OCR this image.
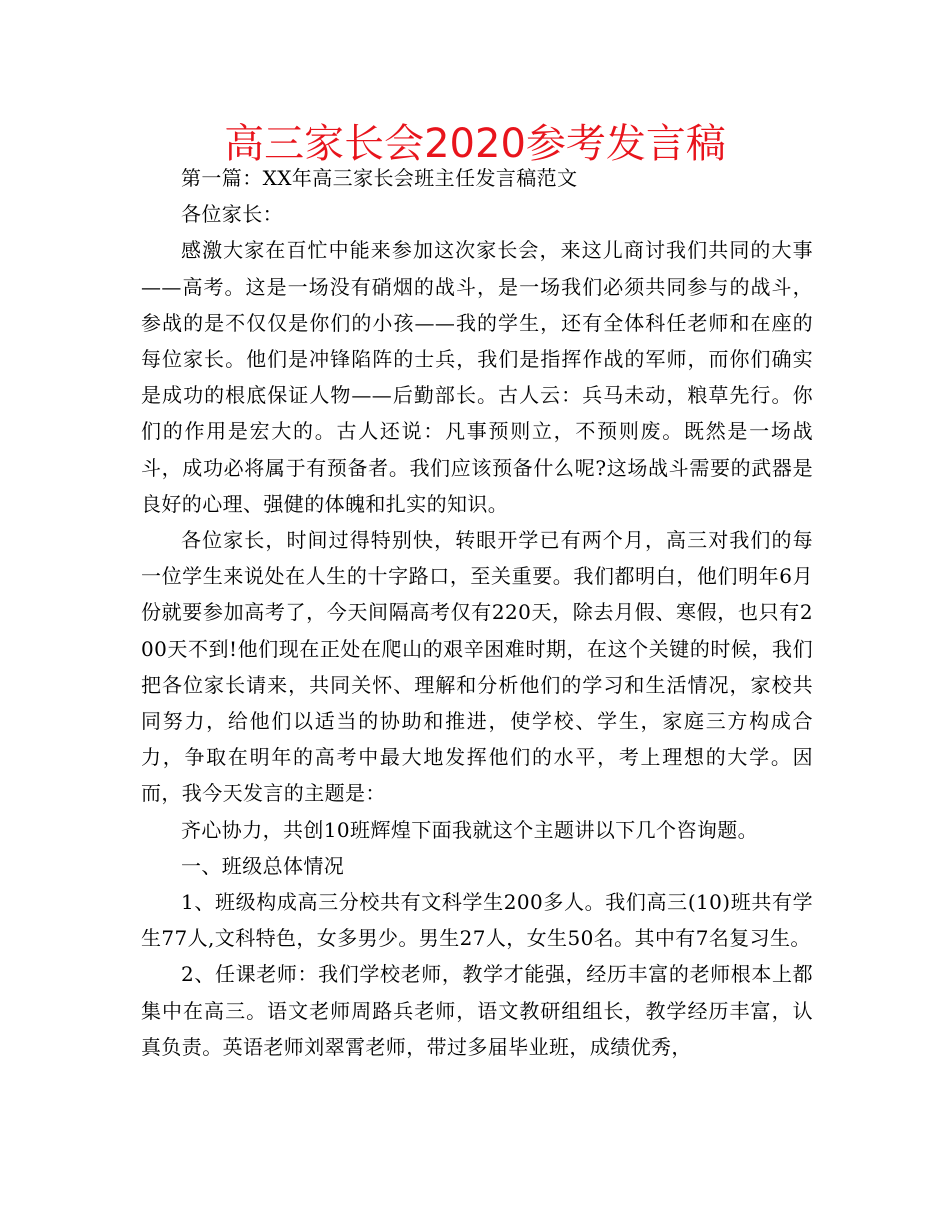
高三家长会2020参考发言稿

第一篇：XX年高三家长会班主任发言稿范文

各位家长：

感激大家在百忙中能来参加这次家长会，来这儿商讨我们共同的大事——高考。这是一场没有硝烟的战斗，是一场我们必须共同参与的战斗，参战的是不仅仅是你们的小孩——我的学生，还有全体科任老师和在座的每位家长。他们是冲锋陷阵的士兵，我们是指挥作战的军师，而你们确实是成功的根底保证人物——后勤部长。古人云：兵马未动，粮草先行。你们的作用是宏大的。古人还说：凡事预则立，不预则废。既然是一场战斗，成功必将属于有预备者。我们应该预备什么呢?这场战斗需要的武器是良好的心理、强健的体魄和扎实的知识。

各位家长，时间过得特别快，转眼开学已有两个月，高三对我们的每一位学生来说处在人生的十字路口，至关重要。我们都明白，他们明年6月份就要参加高考了，今天间隔高考仅有220天，除去月假、寒假，也只有200天不到!他们现在正处在爬山的艰辛困难时期，在这个关键的时候，我们把各位家长请来，共同关怀、理解和分析他们的学习和生活情况，家校共同努力，给他们以适当的协助和推进，使学校、学生，家庭三方构成合力，争取在明年的高考中最大地发挥他们的水平，考上理想的大学。因而，我今天发言的主题是：

齐心协力，共创10班辉煌下面我就这个主题讲以下几个咨询题。

一、班级总体情况

1、班级构成高三分校共有文科学生200多人。我们高三(10)班共有学生77人,文科特色，女多男少。男生27人，女生50名。其中有7名复习生。

2、任课老师：我们学校老师，教学才能强，经历丰富的老师根本上都集中在高三。语文老师周路兵老师，语文教研组组长，教学经历丰富，认真负责。英语老师刘翠霄老师，带过多届毕业班，成绩优秀，
